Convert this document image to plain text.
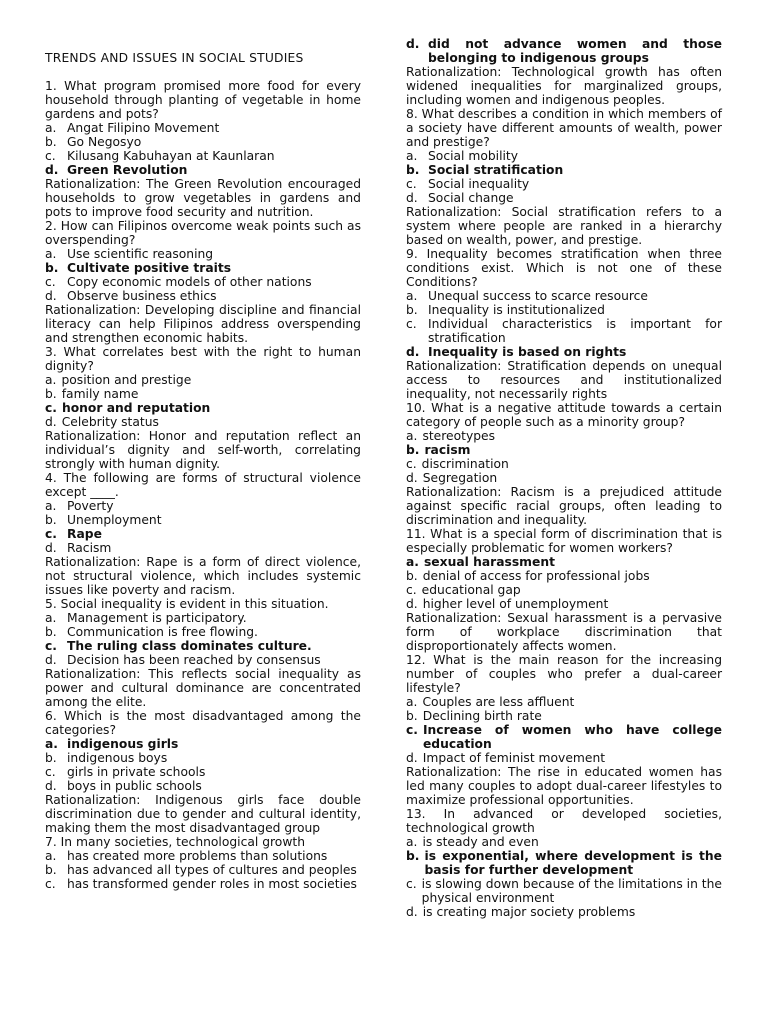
TRENDS AND ISSUES IN SOCIAL STUDIES
1. What program promised more food for every household through planting of vegetable in home gardens and pots?
a. Angat Filipino Movement
b. Go Negosyo
c. Kilusang Kabuhayan at Kaunlaran
d. Green Revolution
Rationalization: The Green Revolution encouraged households to grow vegetables in gardens and pots to improve food security and nutrition.
2. How can Filipinos overcome weak points such as overspending?
a. Use scientific reasoning
b. Cultivate positive traits
c. Copy economic models of other nations
d. Observe business ethics
Rationalization: Developing discipline and financial literacy can help Filipinos address overspending and strengthen economic habits.
3. What correlates best with the right to human dignity?
a. position and prestige
b. family name
c. honor and reputation
d. Celebrity status
Rationalization: Honor and reputation reflect an individual’s dignity and self-worth, correlating strongly with human dignity.
4. The following are forms of structural violence except ____.
a. Poverty
b. Unemployment
c. Rape
d. Racism
Rationalization: Rape is a form of direct violence, not structural violence, which includes systemic issues like poverty and racism.
5. Social inequality is evident in this situation.
a. Management is participatory.
b. Communication is free flowing.
c. The ruling class dominates culture.
d. Decision has been reached by consensus
Rationalization: This reflects social inequality as power and cultural dominance are concentrated among the elite.
6. Which is the most disadvantaged among the categories?
a. indigenous girls
b. indigenous boys
c. girls in private schools
d. boys in public schools
Rationalization: Indigenous girls face double discrimination due to gender and cultural identity, making them the most disadvantaged group
7. In many societies, technological growth
a. has created more problems than solutions
b. has advanced all types of cultures and peoples
c. has transformed gender roles in most societies
d. did not advance women and those belonging to indigenous groups
Rationalization: Technological growth has often widened inequalities for marginalized groups, including women and indigenous peoples.
8. What describes a condition in which members of a society have different amounts of wealth, power and prestige?
a. Social mobility
b. Social stratification
c. Social inequality
d. Social change
Rationalization: Social stratification refers to a system where people are ranked in a hierarchy based on wealth, power, and prestige.
9. Inequality becomes stratification when three conditions exist. Which is not one of these Conditions?
a. Unequal success to scarce resource
b. Inequality is institutionalized
c. Individual characteristics is important for stratification
d. Inequality is based on rights
Rationalization: Stratification depends on unequal access to resources and institutionalized inequality, not necessarily rights
10. What is a negative attitude towards a certain category of people such as a minority group?
a. stereotypes
b. racism
c. discrimination
d. Segregation
Rationalization: Racism is a prejudiced attitude against specific racial groups, often leading to discrimination and inequality.
11. What is a special form of discrimination that is especially problematic for women workers?
a. sexual harassment
b. denial of access for professional jobs
c. educational gap
d. higher level of unemployment
Rationalization: Sexual harassment is a pervasive form of workplace discrimination that disproportionately affects women.
12. What is the main reason for the increasing number of couples who prefer a dual-career lifestyle?
a. Couples are less affluent
b. Declining birth rate
c. Increase of women who have college education
d. Impact of feminist movement
Rationalization: The rise in educated women has led many couples to adopt dual-career lifestyles to maximize professional opportunities.
13. In advanced or developed societies, technological growth
a. is steady and even
b. is exponential, where development is the basis for further development
c. is slowing down because of the limitations in the physical environment
d. is creating major society problems
